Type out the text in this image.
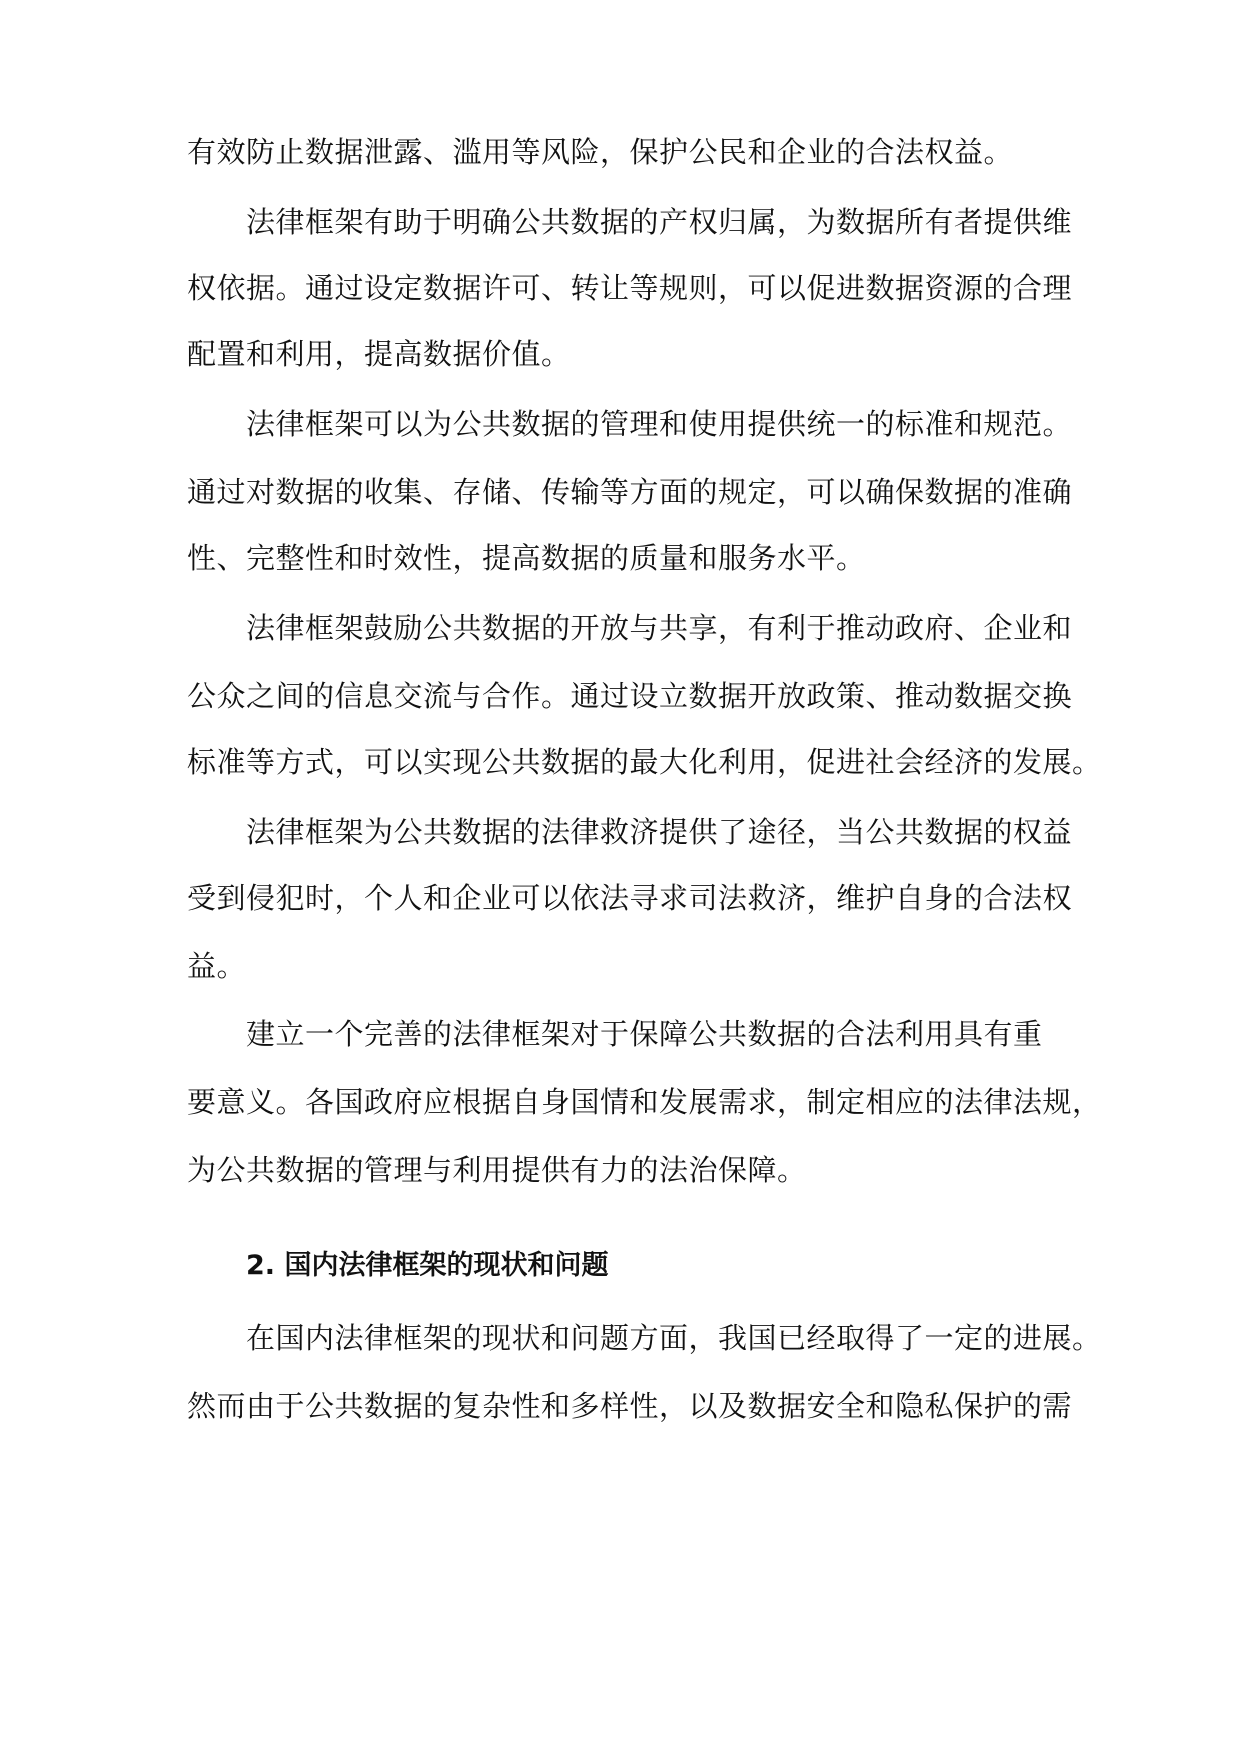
有效防止数据泄露、滥用等风险，保护公民和企业的合法权益。
法律框架有助于明确公共数据的产权归属，为数据所有者提供维
权依据。通过设定数据许可、转让等规则，可以促进数据资源的合理
配置和利用，提高数据价值。
法律框架可以为公共数据的管理和使用提供统一的标准和规范。
通过对数据的收集、存储、传输等方面的规定，可以确保数据的准确
性、完整性和时效性，提高数据的质量和服务水平。
法律框架鼓励公共数据的开放与共享，有利于推动政府、企业和
公众之间的信息交流与合作。通过设立数据开放政策、推动数据交换
标准等方式，可以实现公共数据的最大化利用，促进社会经济的发展。
法律框架为公共数据的法律救济提供了途径，当公共数据的权益
受到侵犯时，个人和企业可以依法寻求司法救济，维护自身的合法权
益。
建立一个完善的法律框架对于保障公共数据的合法利用具有重
要意义。各国政府应根据自身国情和发展需求，制定相应的法律法规，
为公共数据的管理与利用提供有力的法治保障。
2. 国内法律框架的现状和问题
在国内法律框架的现状和问题方面，我国已经取得了一定的进展。
然而由于公共数据的复杂性和多样性，以及数据安全和隐私保护的需
